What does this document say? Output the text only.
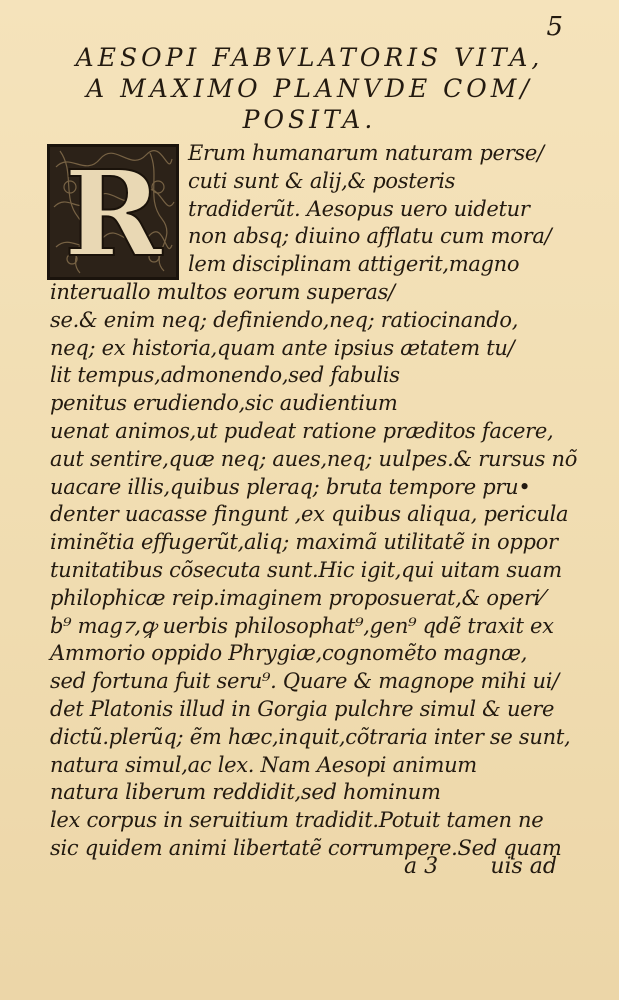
5
AESOPI FABVLATORIS VITA,
A MAXIMO PLANVDE COM/
POSITA.
R	Erum humanarum naturam perse/
cuti sunt & alij,& posteris
tradiderũt. Aesopus uero uidetur
non absq; diuino afflatu cum mora/
lem disciplinam attigerit,magno
interuallo multos eorum superas/
se.& enim neq; definiendo,neq; ratiocinando,
neq; ex historia,quam ante ipsius ætatem tu/
lit tempus,admonendo,sed fabulis
penitus erudiendo,sic audientium
uenat animos,ut pudeat ratione præditos facere,
aut sentire,quæ neq; aues,neq; uulpes.& rursus nõ
uacare illis,quibus pleraq; bruta tempore pru•
denter uacasse fingunt ,ex quibus aliqua, pericula
iminẽtia effugerũt,aliq; maximã utilitatẽ in oppor
tunitatibus cõsecuta sunt.Hic igit,qui uitam suam
philophicæ reip.imaginem proposuerat,& operi⁄
b⁹ mag⁊,ꝙ uerbis philosophat⁹,gen⁹ qdẽ traxit ex
Ammorio oppido Phrygiæ,cognomẽto magnæ,
sed fortuna fuit seru⁹. Quare & magnope mihi ui/
det Platonis illud in Gorgia pulchre simul & uere
dictũ.plerũq; ẽm hæc,inquit,cõtraria inter se sunt,
natura simul,ac lex. Nam Aesopi animum
natura liberum reddidit,sed hominum
lex corpus in seruitium tradidit.Potuit tamen ne
sic quidem animi libertatẽ corrumpere.Sed quam
a 3 uis ad
